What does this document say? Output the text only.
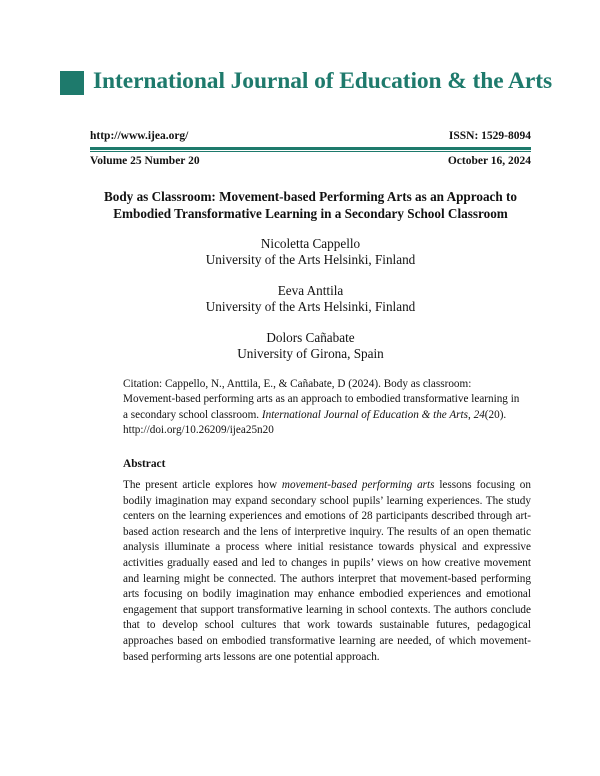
International Journal of Education & the Arts
http://www.ijea.org/	ISSN: 1529-8094
Volume 25 Number 20	October 16, 2024
Body as Classroom: Movement-based Performing Arts as an Approach to
Embodied Transformative Learning in a Secondary School Classroom
Nicoletta Cappello
University of the Arts Helsinki, Finland
Eeva Anttila
University of the Arts Helsinki, Finland
Dolors Cañabate
University of Girona, Spain
Citation: Cappello, N., Anttila, E., & Cañabate, D (2024). Body as classroom: Movement-based performing arts as an approach to embodied transformative learning in a secondary school classroom. International Journal of Education & the Arts, 24(20). http://doi.org/10.26209/ijea25n20
Abstract
The present article explores how movement-based performing arts lessons focusing on bodily imagination may expand secondary school pupils’ learning experiences. The study centers on the learning experiences and emotions of 28 participants described through art-based action research and the lens of interpretive inquiry. The results of an open thematic analysis illuminate a process where initial resistance towards physical and expressive activities gradually eased and led to changes in pupils’ views on how creative movement and learning might be connected. The authors interpret that movement-based performing arts focusing on bodily imagination may enhance embodied experiences and emotional engagement that support transformative learning in school contexts. The authors conclude that to develop school cultures that work towards sustainable futures, pedagogical approaches based on embodied transformative learning are needed, of which movement-based performing arts lessons are one potential approach.
